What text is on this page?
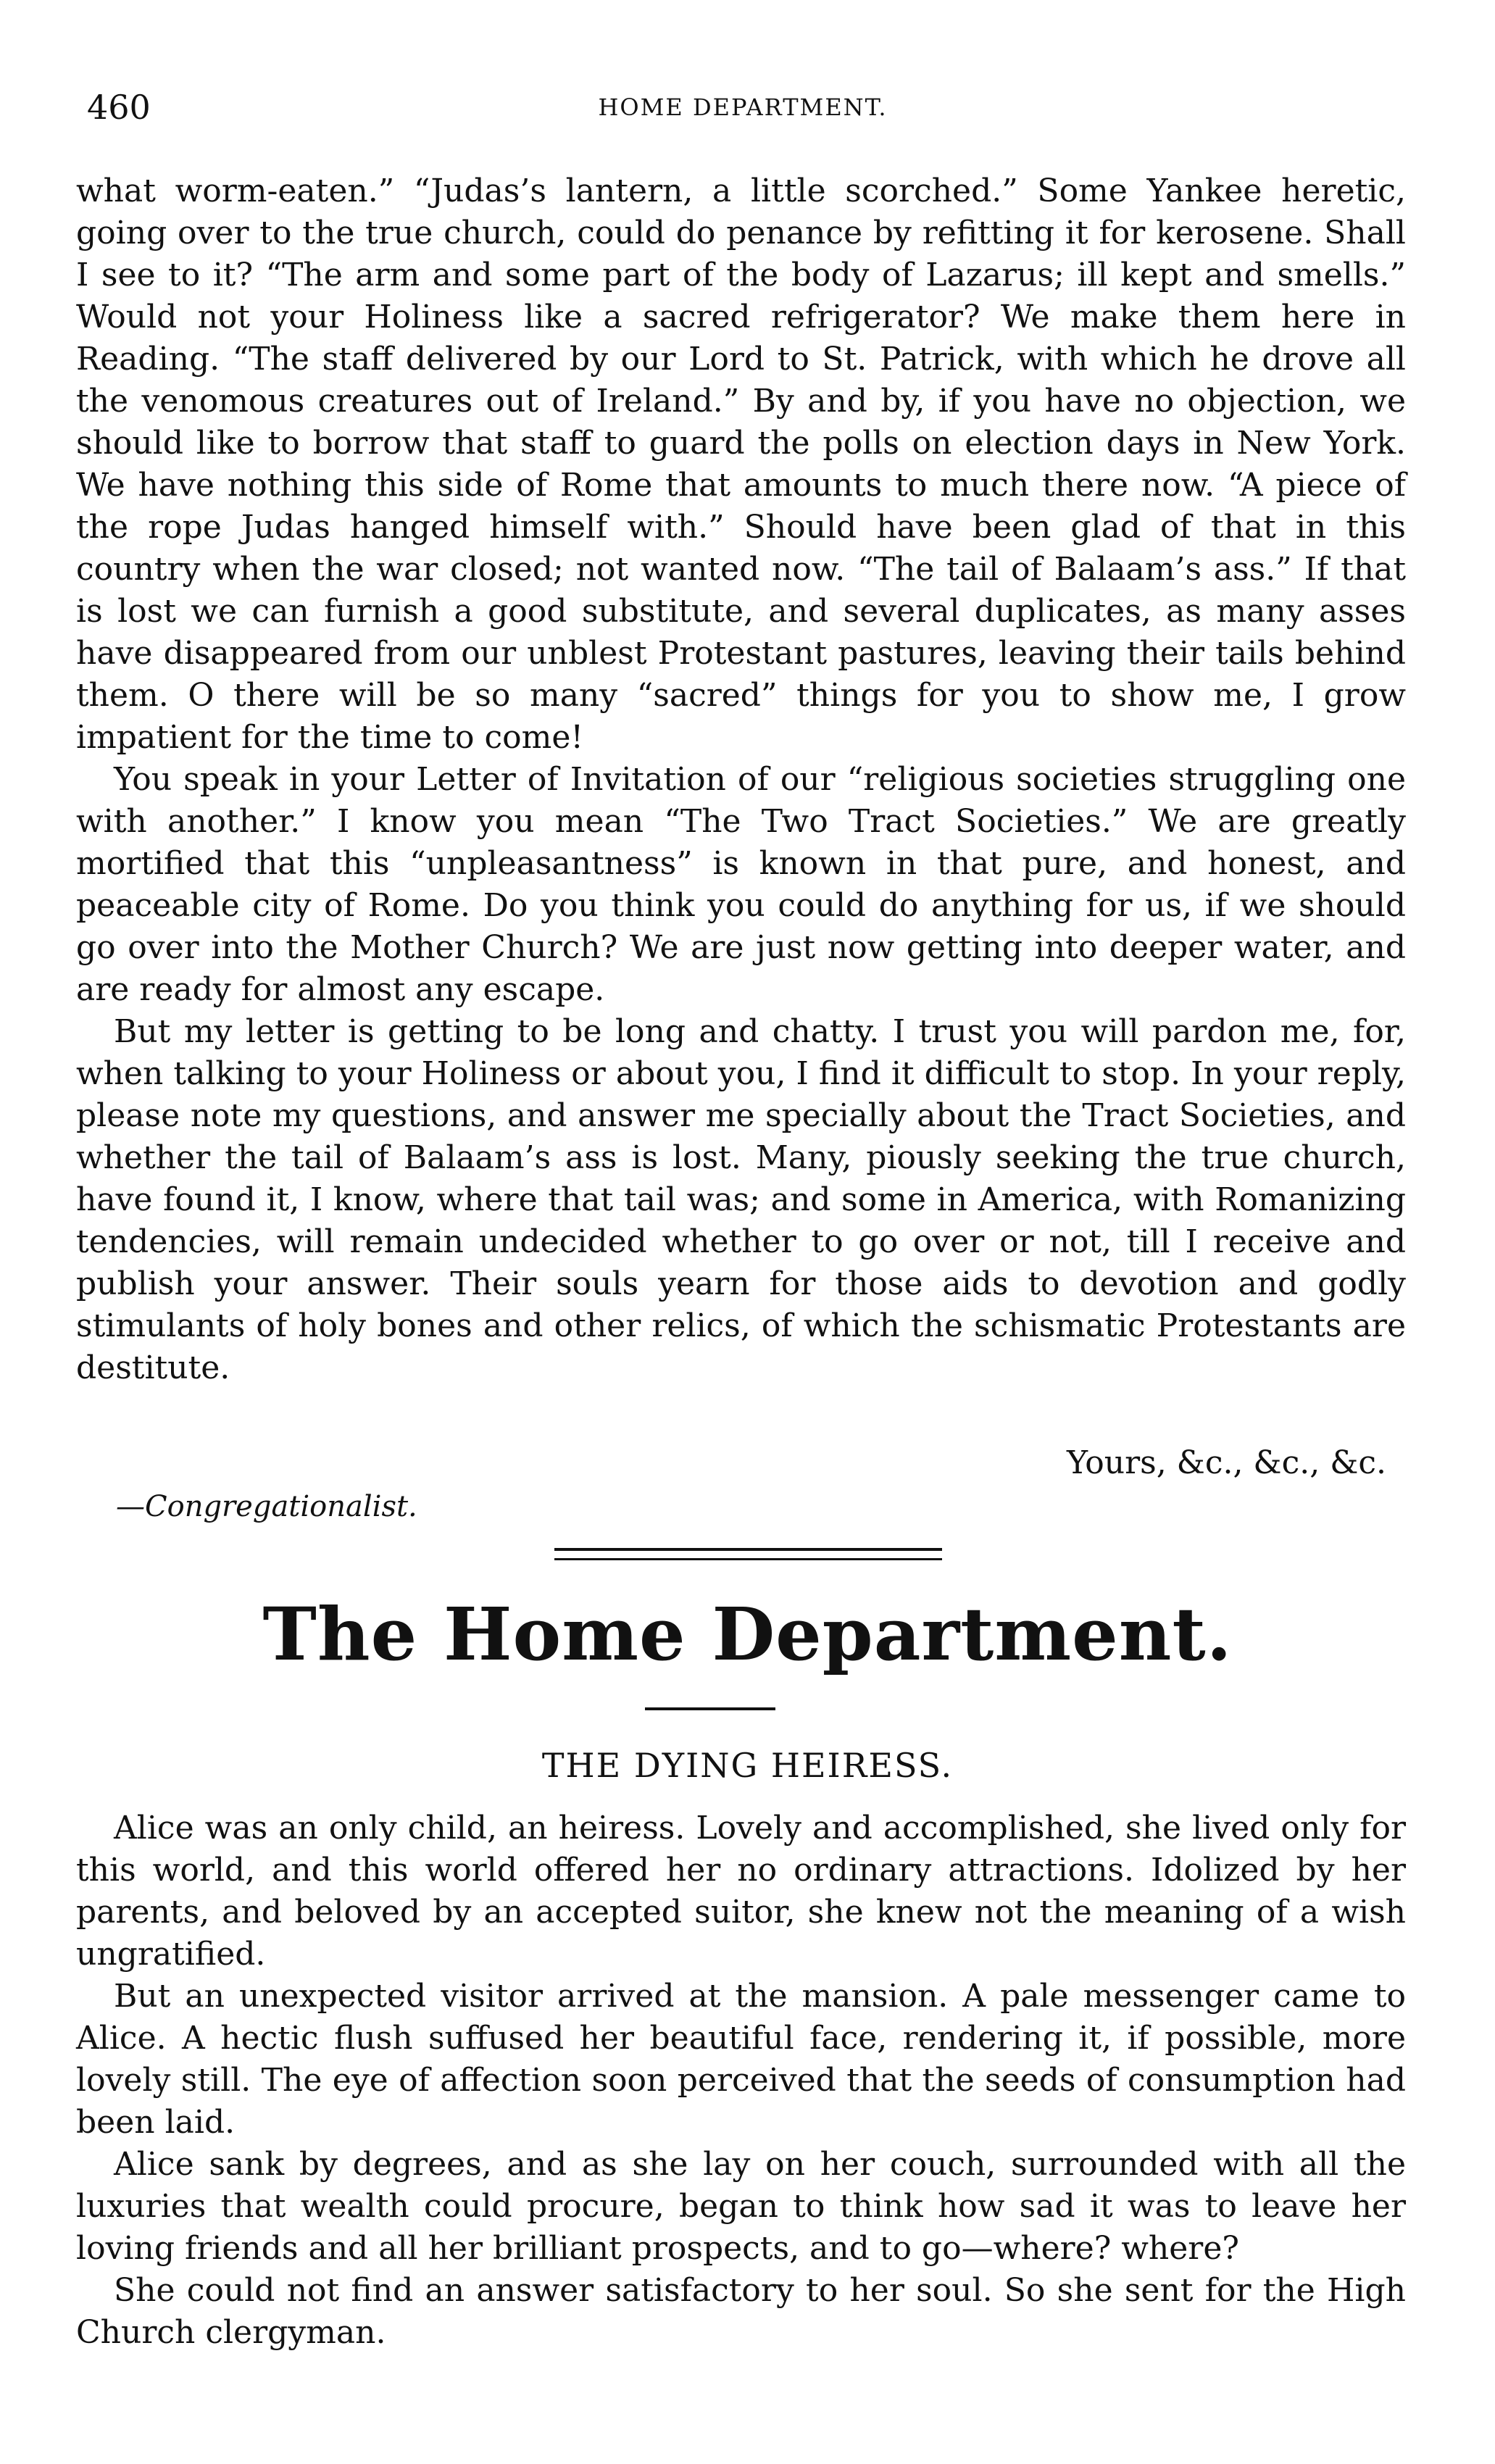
460	HOME DEPARTMENT.

what worm-eaten.” “Judas’s lantern, a little scorched.” Some Yankee heretic, going over to the true church, could do penance by refitting it for kerosene. Shall I see to it? “The arm and some part of the body of Lazarus; ill kept and smells.” Would not your Holiness like a sacred refrigerator? We make them here in Reading. “The staff delivered by our Lord to St. Patrick, with which he drove all the venomous creatures out of Ireland.” By and by, if you have no objection, we should like to borrow that staff to guard the polls on election days in New York. We have nothing this side of Rome that amounts to much there now. “A piece of the rope Judas hanged himself with.” Should have been glad of that in this country when the war closed; not wanted now. “The tail of Balaam’s ass.” If that is lost we can furnish a good substitute, and several duplicates, as many asses have disappeared from our unblest Protestant pastures, leaving their tails behind them. O there will be so many “sacred” things for you to show me, I grow impatient for the time to come!

You speak in your Letter of Invitation of our “religious societies struggling one with another.” I know you mean “The Two Tract Societies.” We are greatly mortified that this “unpleasantness” is known in that pure, and honest, and peaceable city of Rome. Do you think you could do anything for us, if we should go over into the Mother Church? We are just now getting into deeper water, and are ready for almost any escape.

But my letter is getting to be long and chatty. I trust you will pardon me, for, when talking to your Holiness or about you, I find it difficult to stop. In your reply, please note my questions, and answer me specially about the Tract Societies, and whether the tail of Balaam’s ass is lost. Many, piously seeking the true church, have found it, I know, where that tail was; and some in America, with Romanizing tendencies, will remain undecided whether to go over or not, till I receive and publish your answer. Their souls yearn for those aids to devotion and godly stimulants of holy bones and other relics, of which the schismatic Protestants are destitute.

Yours, &c., &c., &c.
—Congregationalist.
The Home Department.
THE DYING HEIRESS.

Alice was an only child, an heiress. Lovely and accomplished, she lived only for this world, and this world offered her no ordinary attractions. Idolized by her parents, and beloved by an accepted suitor, she knew not the meaning of a wish ungratified.

But an unexpected visitor arrived at the mansion. A pale messenger came to Alice. A hectic flush suffused her beautiful face, rendering it, if possible, more lovely still. The eye of affection soon perceived that the seeds of consumption had been laid.

Alice sank by degrees, and as she lay on her couch, surrounded with all the luxuries that wealth could procure, began to think how sad it was to leave her loving friends and all her brilliant prospects, and to go—where? where?

She could not find an answer satisfactory to her soul. So she sent for the High Church clergyman.
